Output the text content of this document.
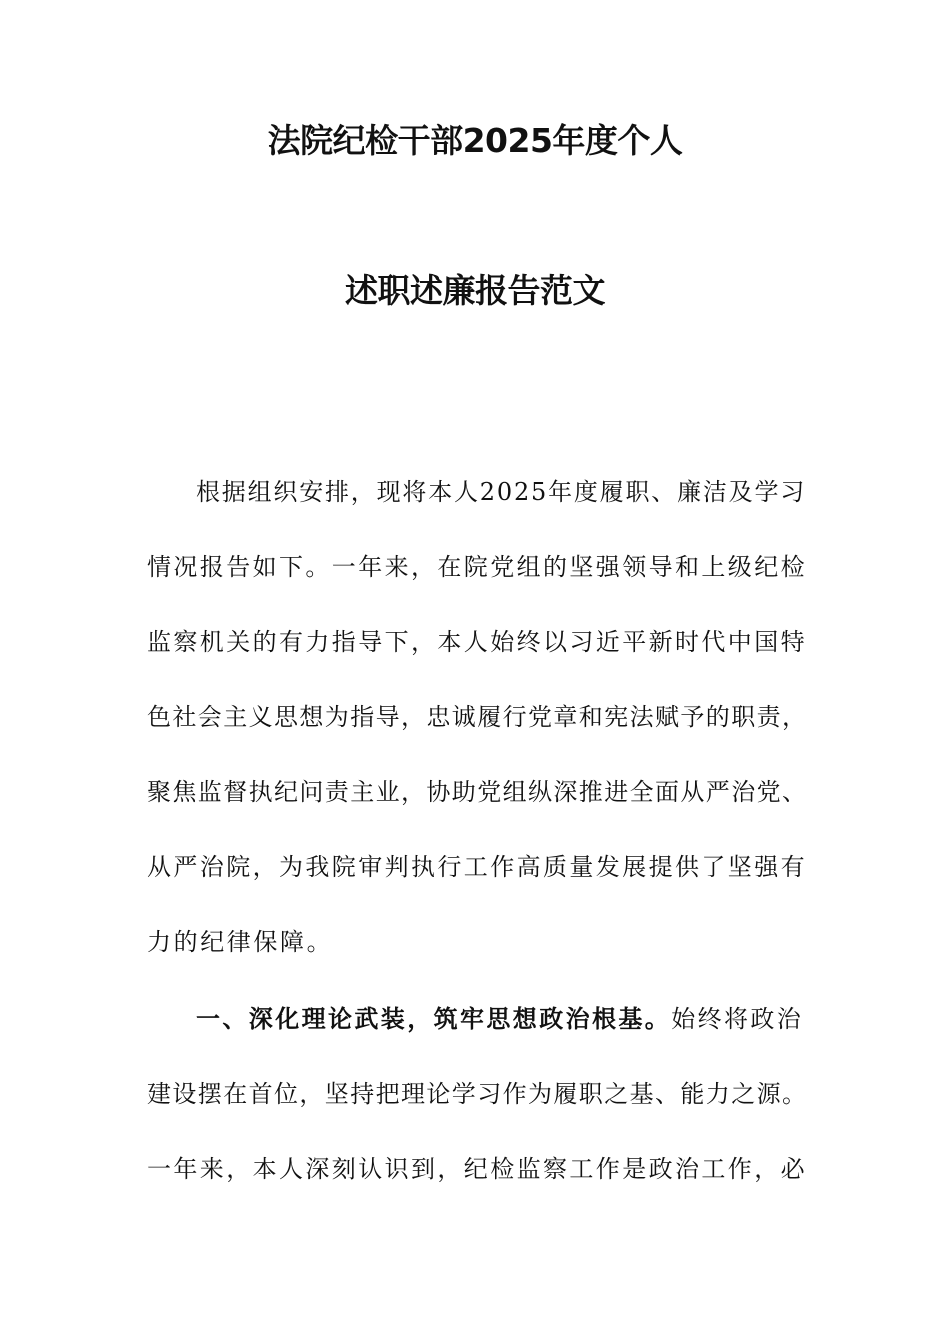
法院纪检干部2025年度个人
述职述廉报告范文
根据组织安排，现将本人2025年度履职、廉洁及学习
情况报告如下。一年来，在院党组的坚强领导和上级纪检
监察机关的有力指导下，本人始终以习近平新时代中国特
色社会主义思想为指导，忠诚履行党章和宪法赋予的职责，
聚焦监督执纪问责主业，协助党组纵深推进全面从严治党、
从严治院，为我院审判执行工作高质量发展提供了坚强有
力的纪律保障。
一、深化理论武装，筑牢思想政治根基。始终将政治
建设摆在首位，坚持把理论学习作为履职之基、能力之源。
一年来，本人深刻认识到，纪检监察工作是政治工作，必
